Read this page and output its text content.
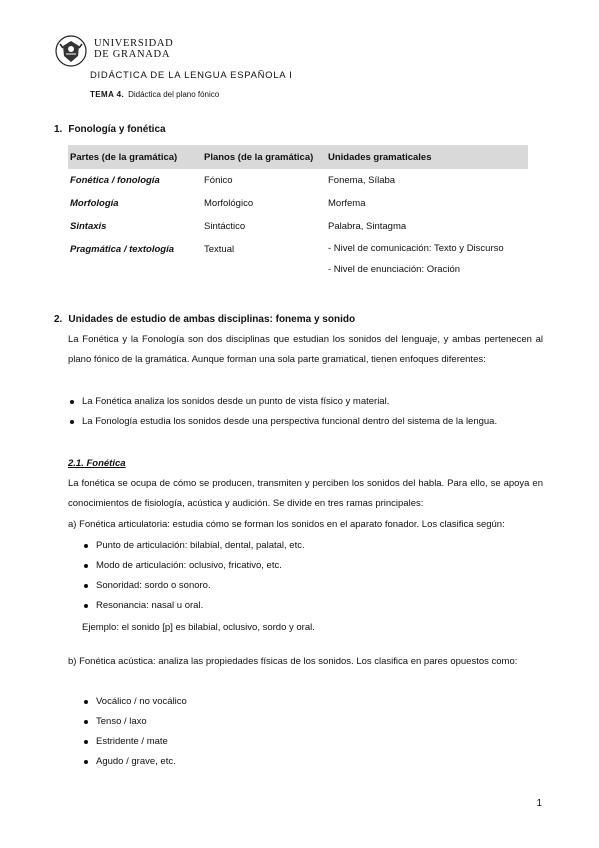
UNIVERSIDAD
DE GRANADA
DIDÁCTICA DE LA LENGUA ESPAÑOLA I
TEMA 4. Didáctica del plano fónico
1. Fonología y fonética
Partes (de la gramática)	Planos (de la gramática)	Unidades gramaticales
Fonética / fonología	Fónico	Fonema, Sílaba
Morfología	Morfológico	Morfema
Sintaxis	Sintáctico	Palabra, Sintagma
Pragmática / textología	Textual	- Nivel de comunicación: Texto y Discurso
- Nivel de enunciación: Oración
2. Unidades de estudio de ambas disciplinas: fonema y sonido
La Fonética y la Fonología son dos disciplinas que estudian los sonidos del lenguaje, y ambas pertenecen al plano fónico de la gramática. Aunque forman una sola parte gramatical, tienen enfoques diferentes:
La Fonética analiza los sonidos desde un punto de vista físico y material.
La Fonología estudia los sonidos desde una perspectiva funcional dentro del sistema de la lengua.
2.1. Fonética
La fonética se ocupa de cómo se producen, transmiten y perciben los sonidos del habla. Para ello, se apoya en conocimientos de fisiología, acústica y audición. Se divide en tres ramas principales:
a) Fonética articulatoria: estudia cómo se forman los sonidos en el aparato fonador. Los clasifica según:
Punto de articulación: bilabial, dental, palatal, etc.
Modo de articulación: oclusivo, fricativo, etc.
Sonoridad: sordo o sonoro.
Resonancia: nasal u oral.
Ejemplo: el sonido [p] es bilabial, oclusivo, sordo y oral.
b) Fonética acústica: analiza las propiedades físicas de los sonidos. Los clasifica en pares opuestos como:
Vocálico / no vocálico
Tenso / laxo
Estridente / mate
Agudo / grave, etc.
1
